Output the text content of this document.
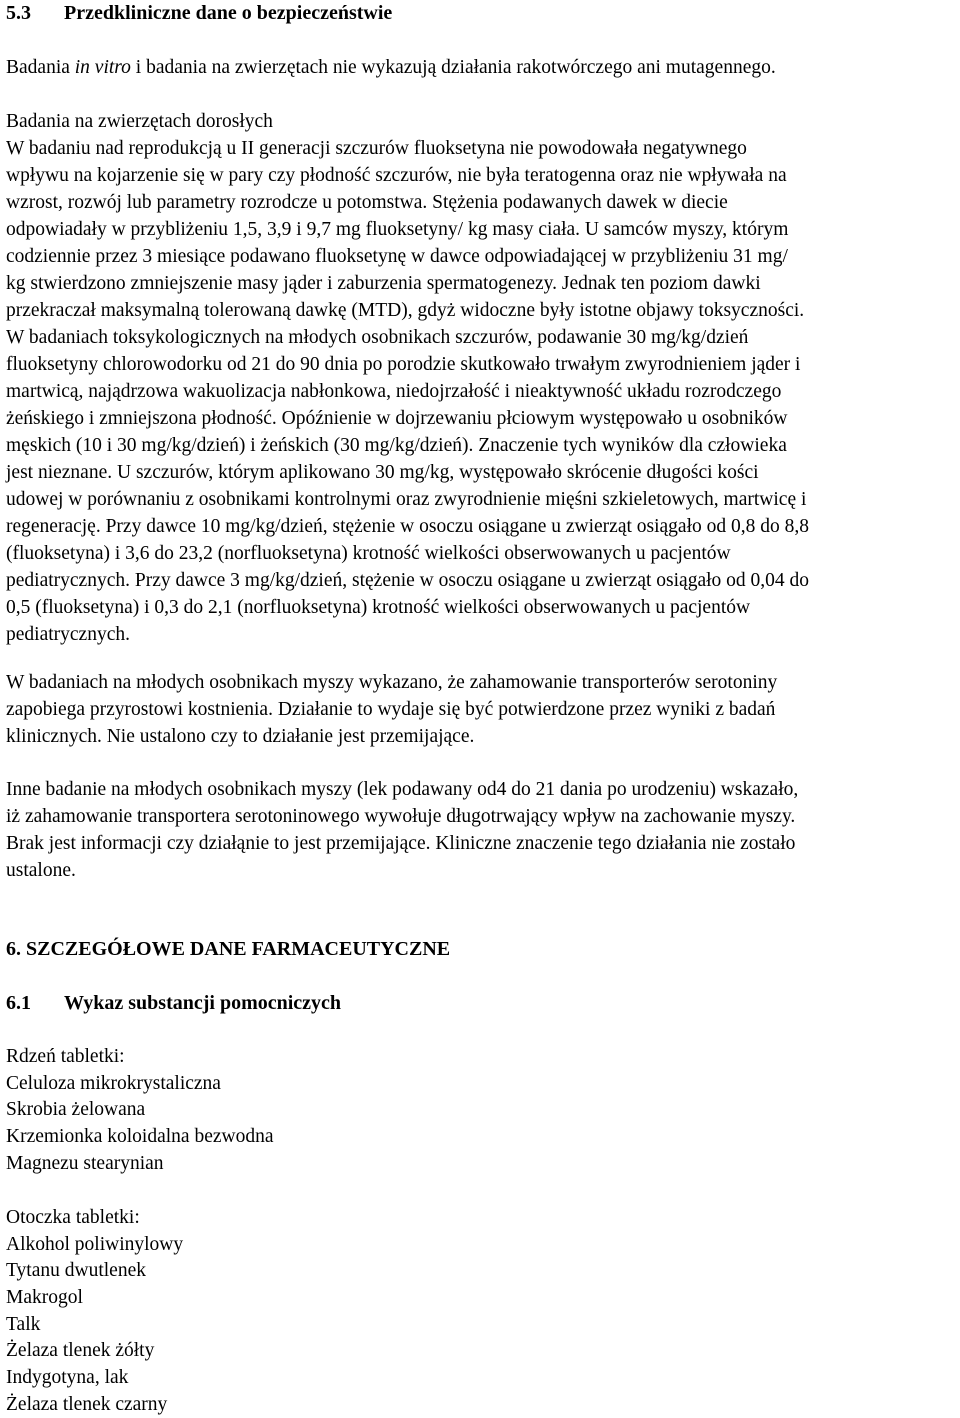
5.3 Przedkliniczne dane o bezpieczeństwie
Badania in vitro i badania na zwierzętach nie wykazują działania rakotwórczego ani mutagennego.
Badania na zwierzętach dorosłych
W badaniu nad reprodukcją u II generacji szczurów fluoksetyna nie powodowała negatywnego
wpływu na kojarzenie się w pary czy płodność szczurów, nie była teratogenna oraz nie wpływała na
wzrost, rozwój lub parametry rozrodcze u potomstwa. Stężenia podawanych dawek w diecie
odpowiadały w przybliżeniu 1,5, 3,9 i 9,7 mg fluoksetyny/ kg masy ciała. U samców myszy, którym
codziennie przez 3 miesiące podawano fluoksetynę w dawce odpowiadającej w przybliżeniu 31 mg/
kg stwierdzono zmniejszenie masy jąder i zaburzenia spermatogenezy. Jednak ten poziom dawki
przekraczał maksymalną tolerowaną dawkę (MTD), gdyż widoczne były istotne objawy toksyczności.
W badaniach toksykologicznych na młodych osobnikach szczurów, podawanie 30 mg/kg/dzień
fluoksetyny chlorowodorku od 21 do 90 dnia po porodzie skutkowało trwałym zwyrodnieniem jąder i
martwicą, najądrzowa wakuolizacja nabłonkowa, niedojrzałość i nieaktywność układu rozrodczego
żeńskiego i zmniejszona płodność. Opóźnienie w dojrzewaniu płciowym występowało u osobników
męskich (10 i 30 mg/kg/dzień) i żeńskich (30 mg/kg/dzień). Znaczenie tych wyników dla człowieka
jest nieznane. U szczurów, którym aplikowano 30 mg/kg, występowało skrócenie długości kości
udowej w porównaniu z osobnikami kontrolnymi oraz zwyrodnienie mięśni szkieletowych, martwicę i
regenerację. Przy dawce 10 mg/kg/dzień, stężenie w osoczu osiągane u zwierząt osiągało od 0,8 do 8,8
(fluoksetyna) i 3,6 do 23,2 (norfluoksetyna) krotność wielkości obserwowanych u pacjentów
pediatrycznych. Przy dawce 3 mg/kg/dzień, stężenie w osoczu osiągane u zwierząt osiągało od 0,04 do
0,5 (fluoksetyna) i 0,3 do 2,1 (norfluoksetyna) krotność wielkości obserwowanych u pacjentów
pediatrycznych.
W badaniach na młodych osobnikach myszy wykazano, że zahamowanie transporterów serotoniny
zapobiega przyrostowi kostnienia. Działanie to wydaje się być potwierdzone przez wyniki z badań
klinicznych. Nie ustalono czy to działanie jest przemijające.
Inne badanie na młodych osobnikach myszy (lek podawany od4 do 21 dania po urodzeniu) wskazało,
iż zahamowanie transportera serotoninowego wywołuje długotrwający wpływ na zachowanie myszy.
Brak jest informacji czy działąnie to jest przemijające. Kliniczne znaczenie tego działania nie zostało
ustalone.
6. SZCZEGÓŁOWE DANE FARMACEUTYCZNE
6.1 Wykaz substancji pomocniczych
Rdzeń tabletki:
Celuloza mikrokrystaliczna
Skrobia żelowana
Krzemionka koloidalna bezwodna
Magnezu stearynian
Otoczka tabletki:
Alkohol poliwinylowy
Tytanu dwutlenek
Makrogol
Talk
Żelaza tlenek żółty
Indygotyna, lak
Żelaza tlenek czarny
